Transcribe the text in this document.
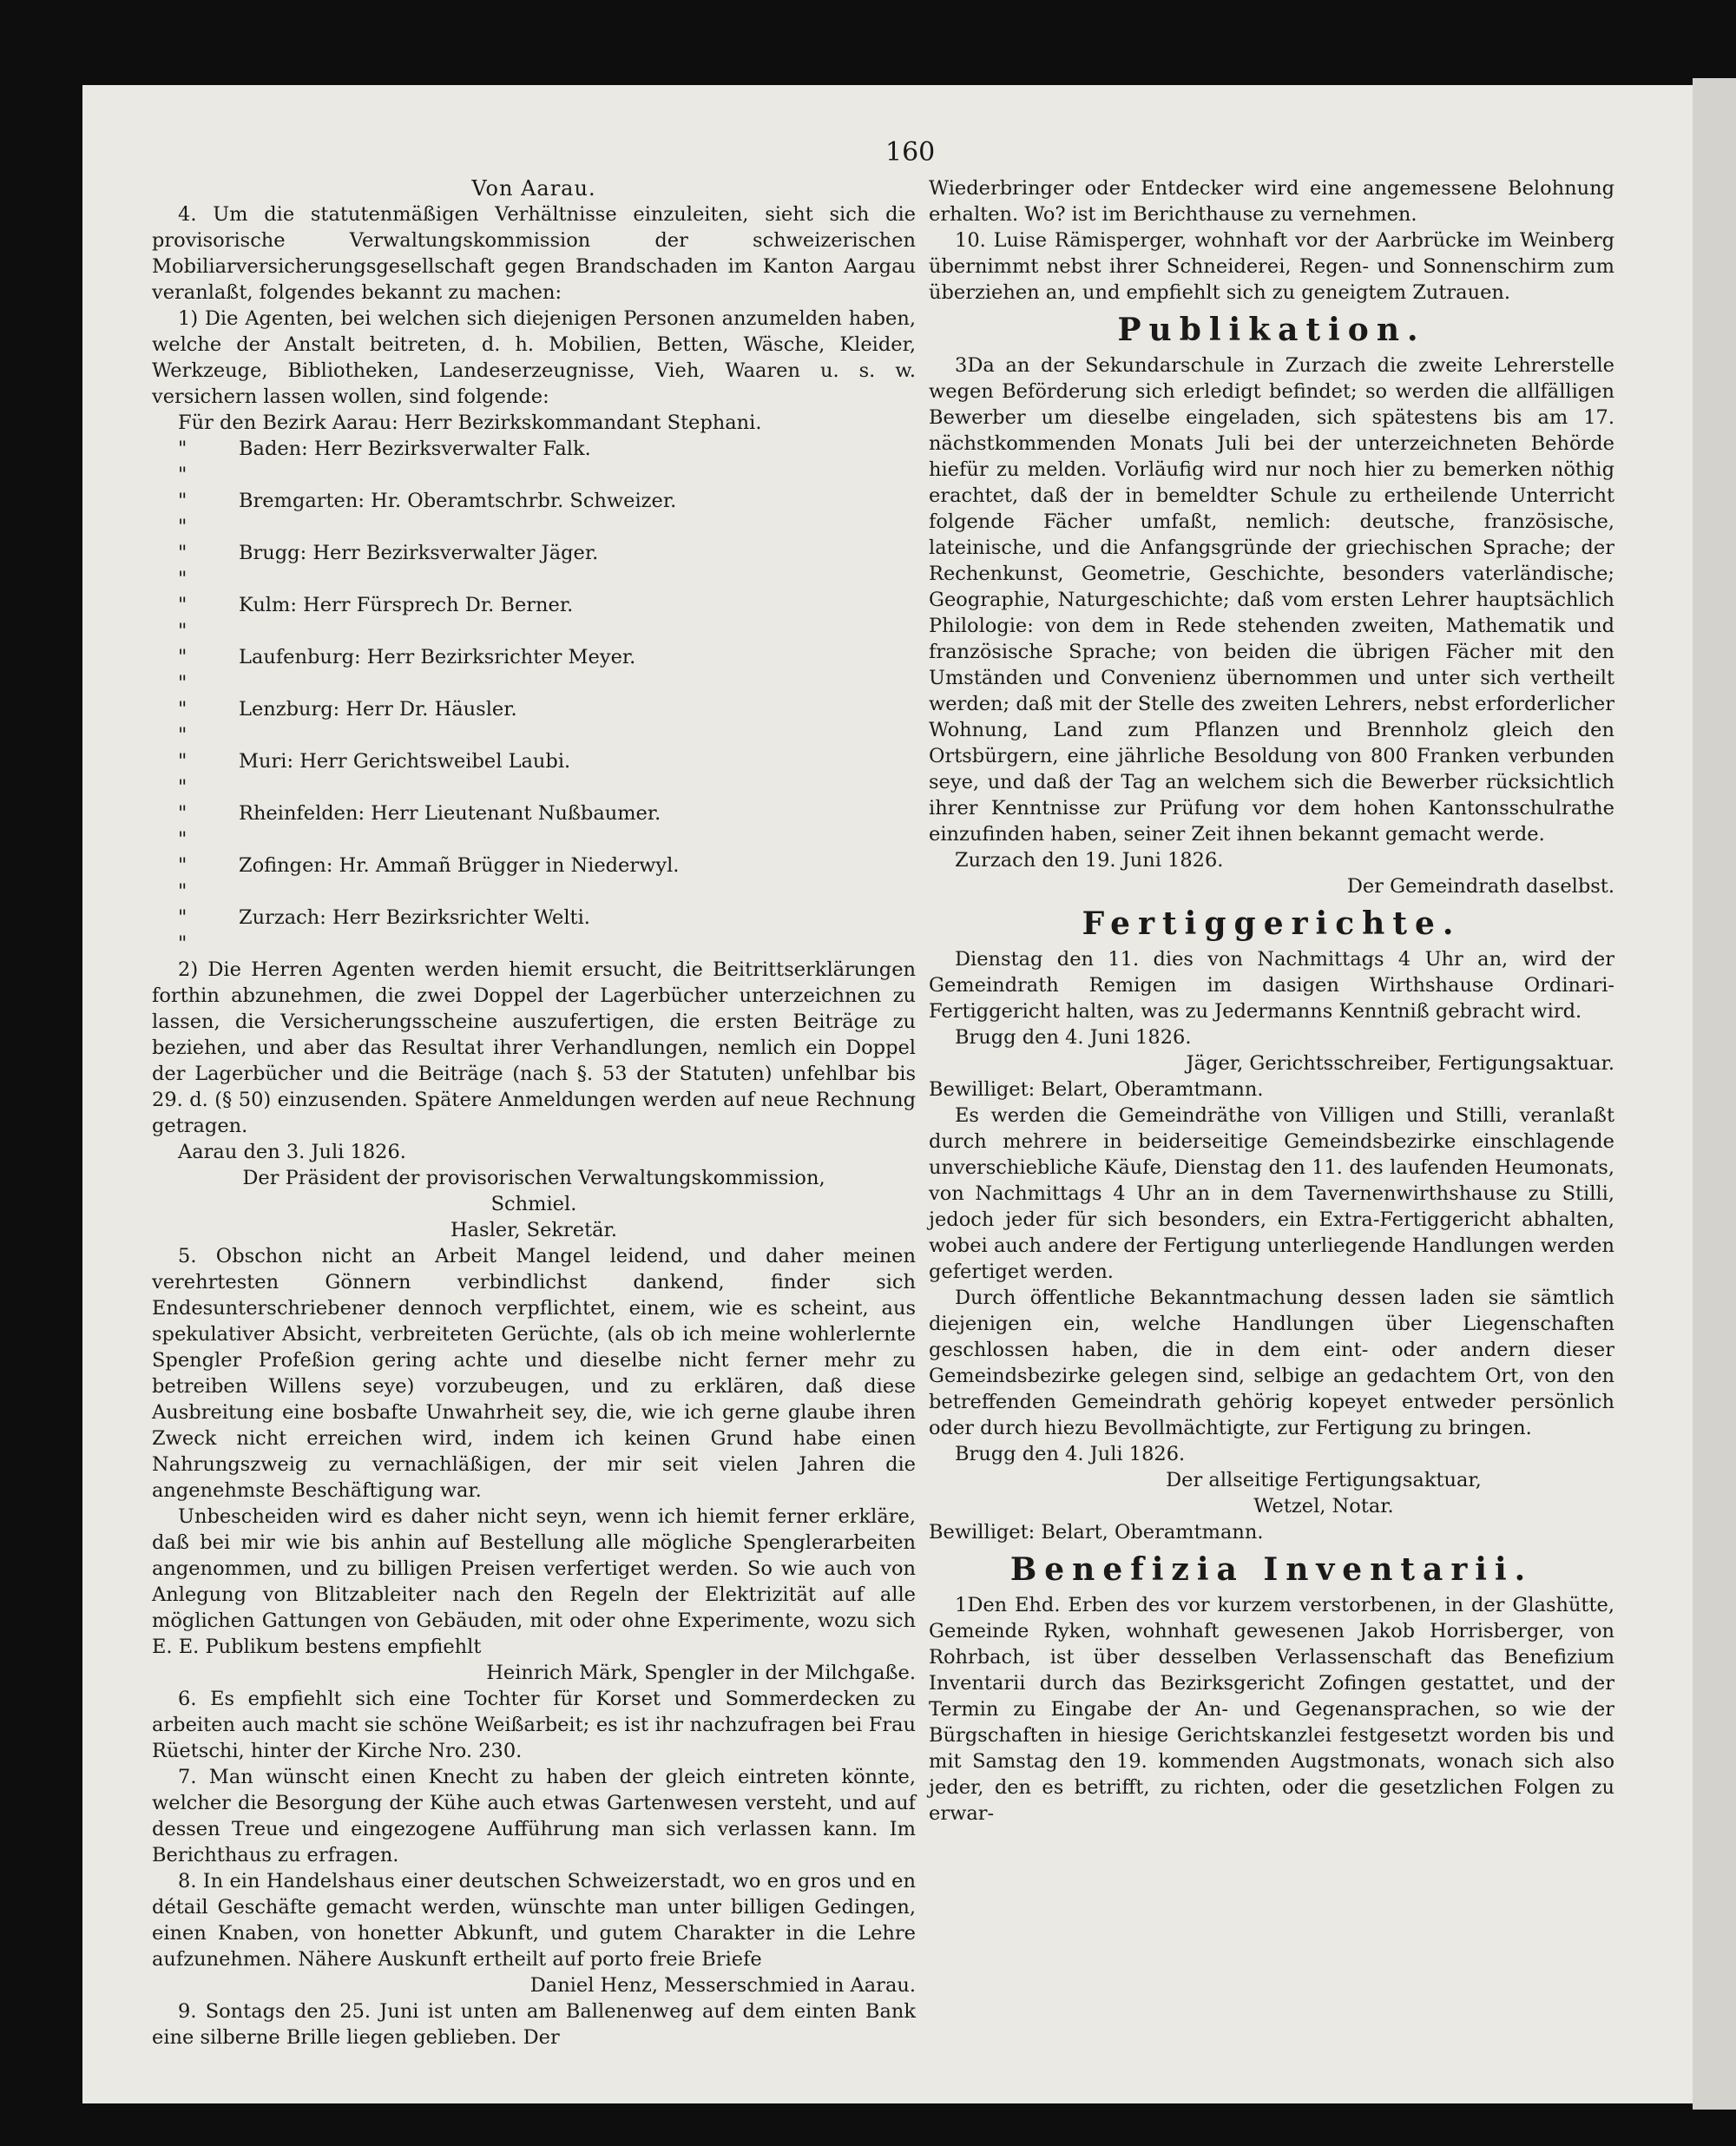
160

Von Aarau.

4. Um die statutenmäßigen Verhältnisse einzuleiten, sieht sich die provisorische Verwaltungskommission der schweizerischen Mobiliarversicherungsgesellschaft gegen Brandschaden im Kanton Aargau veranlaßt, folgendes bekannt zu machen:

1) Die Agenten, bei welchen sich diejenigen Personen anzumelden haben, welche der Anstalt beitreten, d. h. Mobilien, Betten, Wäsche, Kleider, Werkzeuge, Bibliotheken, Landeserzeugnisse, Vieh, Waaren u. s. w. versichern lassen wollen, sind folgende:

Für den Bezirk Aarau: Herr Bezirkskommandant Stephani.

" "
Baden: Herr Bezirksverwalter Falk.
" "
Bremgarten: Hr. Oberamtschrbr. Schweizer.
" "
Brugg: Herr Bezirksverwalter Jäger.
" "
Kulm: Herr Fürsprech Dr. Berner.
" "
Laufenburg: Herr Bezirksrichter Meyer.
" "
Lenzburg: Herr Dr. Häusler.
" "
Muri: Herr Gerichtsweibel Laubi.
" "
Rheinfelden: Herr Lieutenant Nußbaumer.
" "
Zofingen: Hr. Ammañ Brügger in Niederwyl.
" "
Zurzach: Herr Bezirksrichter Welti.

2) Die Herren Agenten werden hiemit ersucht, die Beitrittserklärungen forthin abzunehmen, die zwei Doppel der Lagerbücher unterzeichnen zu lassen, die Versicherungsscheine auszufertigen, die ersten Beiträge zu beziehen, und aber das Resultat ihrer Verhandlungen, nemlich ein Doppel der Lagerbücher und die Beiträge (nach §. 53 der Statuten) unfehlbar bis 29. d. (§ 50) einzusenden. Spätere Anmeldungen werden auf neue Rechnung getragen.

Aarau den 3. Juli 1826.

Der Präsident der provisorischen Verwaltungskommission,

Schmiel.

Hasler, Sekretär.

5. Obschon nicht an Arbeit Mangel leidend, und daher meinen verehrtesten Gönnern verbindlichst dankend, finder sich Endesunterschriebener dennoch verpflichtet, einem, wie es scheint, aus spekulativer Absicht, verbreiteten Gerüchte, (als ob ich meine wohlerlernte Spengler Profeßion gering achte und dieselbe nicht ferner mehr zu betreiben Willens seye) vorzubeugen, und zu erklären, daß diese Ausbreitung eine bosbafte Unwahrheit sey, die, wie ich gerne glaube ihren Zweck nicht erreichen wird, indem ich keinen Grund habe einen Nahrungszweig zu vernachläßigen, der mir seit vielen Jahren die angenehmste Beschäftigung war.

Unbescheiden wird es daher nicht seyn, wenn ich hiemit ferner erkläre, daß bei mir wie bis anhin auf Bestellung alle mögliche Spenglerarbeiten angenommen, und zu billigen Preisen verfertiget werden. So wie auch von Anlegung von Blitzableiter nach den Regeln der Elektrizität auf alle möglichen Gattungen von Gebäuden, mit oder ohne Experimente, wozu sich E. E. Publikum bestens empfiehlt

Heinrich Märk, Spengler in der Milchgaße.

6. Es empfiehlt sich eine Tochter für Korset und Sommerdecken zu arbeiten auch macht sie schöne Weißarbeit; es ist ihr nachzufragen bei Frau Rüetschi, hinter der Kirche Nro. 230.

7. Man wünscht einen Knecht zu haben der gleich eintreten könnte, welcher die Besorgung der Kühe auch etwas Gartenwesen versteht, und auf dessen Treue und eingezogene Aufführung man sich verlassen kann. Im Berichthaus zu erfragen.

8. In ein Handelshaus einer deutschen Schweizerstadt, wo en gros und en détail Geschäfte gemacht werden, wünschte man unter billigen Gedingen, einen Knaben, von honetter Abkunft, und gutem Charakter in die Lehre aufzunehmen. Nähere Auskunft ertheilt auf porto freie Briefe

Daniel Henz, Messerschmied in Aarau.

9. Sontags den 25. Juni ist unten am Ballenenweg auf dem einten Bank eine silberne Brille liegen geblieben. Der

Wiederbringer oder Entdecker wird eine angemessene Belohnung erhalten. Wo? ist im Berichthause zu vernehmen.

10. Luise Rämisperger, wohnhaft vor der Aarbrücke im Weinberg übernimmt nebst ihrer Schneiderei, Regen- und Sonnenschirm zum überziehen an, und empfiehlt sich zu geneigtem Zutrauen.

Publikation.

3Da an der Sekundarschule in Zurzach die zweite Lehrerstelle wegen Beförderung sich erledigt befindet; so werden die allfälligen Bewerber um dieselbe eingeladen, sich spätestens bis am 17. nächstkommenden Monats Juli bei der unterzeichneten Behörde hiefür zu melden. Vorläufig wird nur noch hier zu bemerken nöthig erachtet, daß der in bemeldter Schule zu ertheilende Unterricht folgende Fächer umfaßt, nemlich: deutsche, französische, lateinische, und die Anfangsgründe der griechischen Sprache; der Rechenkunst, Geometrie, Geschichte, besonders vaterländische; Geographie, Naturgeschichte; daß vom ersten Lehrer hauptsächlich Philologie: von dem in Rede stehenden zweiten, Mathematik und französische Sprache; von beiden die übrigen Fächer mit den Umständen und Convenienz übernommen und unter sich vertheilt werden; daß mit der Stelle des zweiten Lehrers, nebst erforderlicher Wohnung, Land zum Pflanzen und Brennholz gleich den Ortsbürgern, eine jährliche Besoldung von 800 Franken verbunden seye, und daß der Tag an welchem sich die Bewerber rücksichtlich ihrer Kenntnisse zur Prüfung vor dem hohen Kantonsschulrathe einzufinden haben, seiner Zeit ihnen bekannt gemacht werde.

Zurzach den 19. Juni 1826.

Der Gemeindrath daselbst.

Fertiggerichte.

Dienstag den 11. dies von Nachmittags 4 Uhr an, wird der Gemeindrath Remigen im dasigen Wirthshause Ordinari-Fertiggericht halten, was zu Jedermanns Kenntniß gebracht wird.

Brugg den 4. Juni 1826.

Jäger, Gerichtsschreiber, Fertigungsaktuar.

Bewilliget: Belart, Oberamtmann.

Es werden die Gemeindräthe von Villigen und Stilli, veranlaßt durch mehrere in beiderseitige Gemeindsbezirke einschlagende unverschiebliche Käufe, Dienstag den 11. des laufenden Heumonats, von Nachmittags 4 Uhr an in dem Tavernenwirthshause zu Stilli, jedoch jeder für sich besonders, ein Extra-Fertiggericht abhalten, wobei auch andere der Fertigung unterliegende Handlungen werden gefertiget werden.

Durch öffentliche Bekanntmachung dessen laden sie sämtlich diejenigen ein, welche Handlungen über Liegenschaften geschlossen haben, die in dem eint- oder andern dieser Gemeindsbezirke gelegen sind, selbige an gedachtem Ort, von den betreffenden Gemeindrath gehörig kopeyet entweder persönlich oder durch hiezu Bevollmächtigte, zur Fertigung zu bringen.

Brugg den 4. Juli 1826.

Der allseitige Fertigungsaktuar,

Wetzel, Notar.

Bewilliget: Belart, Oberamtmann.

Benefizia Inventarii.

1Den Ehd. Erben des vor kurzem verstorbenen, in der Glashütte, Gemeinde Ryken, wohnhaft gewesenen Jakob Horrisberger, von Rohrbach, ist über desselben Verlassenschaft das Benefizium Inventarii durch das Bezirksgericht Zofingen gestattet, und der Termin zu Eingabe der An- und Gegenansprachen, so wie der Bürgschaften in hiesige Gerichtskanzlei festgesetzt worden bis und mit Samstag den 19. kommenden Augstmonats, wonach sich also jeder, den es betrifft, zu richten, oder die gesetzlichen Folgen zu erwar-
